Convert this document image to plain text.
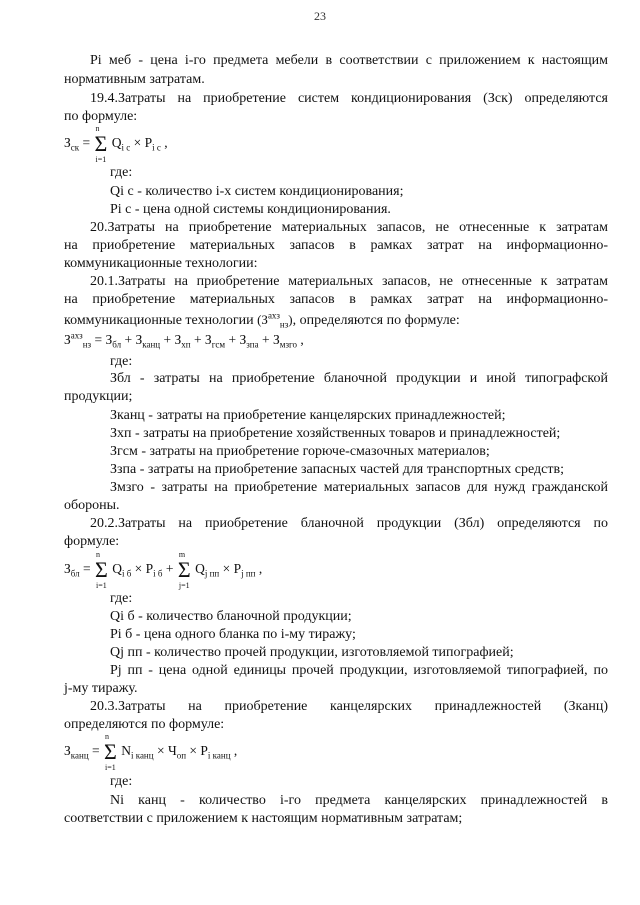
23
Рi меб - цена i-го предмета мебели в соответствии с приложением к настоящим
нормативным затратам.
19.4.Затраты на приобретение систем кондиционирования (Зск) определяются
по формуле:
$З_{ск} = \Sigma$
n
i=1
$Q_{i с} \times P_{i с}$ ,
где:
Qi с - количество i-х систем кондиционирования;
Рi с - цена одной системы кондиционирования.
20.Затраты на приобретение материальных запасов, не отнесенные к затратам
на приобретение материальных запасов в рамках затрат на информационно-
коммуникационные технологии:
20.1.Затраты на приобретение материальных запасов, не отнесенные к затратам
на приобретение материальных запасов в рамках затрат на информационно-
коммуникационные технологии $(З^{ахз}_{нз})$, определяются по формуле:
$З^{ахз}_{нз} = З_{бл} + З_{канц} + З_{хп} + З_{гсм} + З_{зпа} + З_{мзго}$ ,
где:
Збл - затраты на приобретение бланочной продукции и иной типографской
продукции;
Зканц - затраты на приобретение канцелярских принадлежностей;
Зхп - затраты на приобретение хозяйственных товаров и принадлежностей;
Згсм - затраты на приобретение горюче-смазочных материалов;
Ззпа - затраты на приобретение запасных частей для транспортных средств;
Змзго - затраты на приобретение материальных запасов для нужд гражданской
обороны.
20.2.Затраты на приобретение бланочной продукции (Збл) определяются по
формуле:
$З_{бл} = \Sigma$
n
i=1
$Q_{i б} \times P_{i б} + \Sigma$
m
j=1
$Q_{j пп} \times P_{j пп}$ ,
где:
Qi б - количество бланочной продукции;
Рi б - цена одного бланка по i-му тиражу;
Qj пп - количество прочей продукции, изготовляемой типографией;
Рj пп - цена одной единицы прочей продукции, изготовляемой типографией, по
j-му тиражу.
20.3.Затраты на приобретение канцелярских принадлежностей (Зканц)
определяются по формуле:
$З_{канц} = \Sigma$
n
i=1
$N_{i канц} \times Ч_{оп} \times P_{i канц}$ ,
где:
Ni канц - количество i-го предмета канцелярских принадлежностей в
соответствии с приложением к настоящим нормативным затратам;
